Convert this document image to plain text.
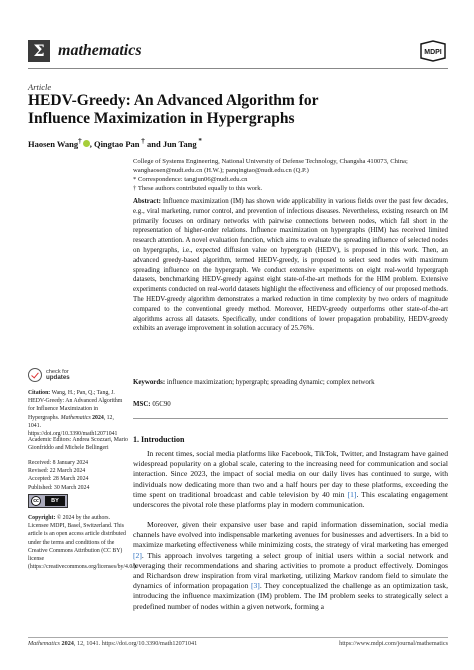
Σ mathematics	MDPI
Article
HEDV-Greedy: An Advanced Algorithm for Influence Maximization in Hypergraphs
Haosen Wang† , Qingtao Pan † and Jun Tang *
College of Systems Engineering, National University of Defense Technology, Changsha 410073, China;
wanghaosen@nudt.edu.cn (H.W.); panqingtao@nudt.edu.cn (Q.P.)
* Correspondence: tangjun06@nudt.edu.cn
† These authors contributed equally to this work.
Abstract: Influence maximization (IM) has shown wide applicability in various fields over the past few decades, e.g., viral marketing, rumor control, and prevention of infectious diseases. Nevertheless, existing research on IM primarily focuses on ordinary networks with pairwise connections between nodes, which fall short in the representation of higher-order relations. Influence maximization on hypergraphs (HIM) has received limited research attention. A novel evaluation function, which aims to evaluate the spreading influence of selected nodes on hypergraphs, i.e., expected diffusion value on hypergraph (HEDV), is proposed in this work. Then, an advanced greedy-based algorithm, termed HEDV-greedy, is proposed to select seed nodes with maximum spreading influence on the hypergraph. We conduct extensive experiments on eight real-world hypergraph datasets, benchmarking HEDV-greedy against eight state-of-the-art methods for the HIM problem. Extensive experiments conducted on real-world datasets highlight the effectiveness and efficiency of our proposed methods. The HEDV-greedy algorithm demonstrates a marked reduction in time complexity by two orders of magnitude compared to the conventional greedy method. Moreover, HEDV-greedy outperforms other state-of-the-art algorithms across all datasets. Specifically, under conditions of lower propagation probability, HEDV-greedy exhibits an average improvement in solution accuracy of 25.76%.
Keywords: influence maximization; hypergraph; spreading dynamic; complex network
MSC: 05C90
check for
updates
Citation: Wang, H.; Pan, Q.; Tang, J. HEDV-Greedy: An Advanced Algorithm for Influence Maximization in Hypergraphs. Mathematics 2024, 12, 1041. https://doi.org/10.3390/math12071041
Academic Editors: Andrea Scozzari, Mario Gionfriddo and Michele Bellingeri
Received: 8 January 2024
Revised: 22 March 2024
Accepted: 28 March 2024
Published: 30 March 2024
cc	BY
Copyright: © 2024 by the authors. Licensee MDPI, Basel, Switzerland. This article is an open access article distributed under the terms and conditions of the Creative Commons Attribution (CC BY) license (https://creativecommons.org/licenses/by/4.0/).
1. Introduction

In recent times, social media platforms like Facebook, TikTok, Twitter, and Instagram have gained widespread popularity on a global scale, catering to the increasing need for communication and social interaction. Since 2023, the impact of social media on our daily lives has continued to surge, with individuals now dedicating more than two and a half hours per day to these platforms, exceeding the time spent on traditional broadcast and cable television by 40 min [1]. This escalating engagement underscores the pivotal role these platforms play in modern communication.

Moreover, given their expansive user base and rapid information dissemination, social media channels have evolved into indispensable marketing avenues for businesses and advertisers. In a bid to maximize marketing effectiveness while minimizing costs, the strategy of viral marketing has emerged [2]. This approach involves targeting a select group of initial users within a social network and leveraging their recommendations and sharing activities to promote a product effectively. Domingos and Richardson drew inspiration from viral marketing, utilizing Markov random field to simulate the dynamics of information propagation [3]. They conceptualized the challenge as an optimization task, introducing the influence maximization (IM) problem. The IM problem seeks to strategically select a predefined number of nodes within a given network, forming a

Mathematics 2024, 12, 1041. https://doi.org/10.3390/math12071041	https://www.mdpi.com/journal/mathematics
